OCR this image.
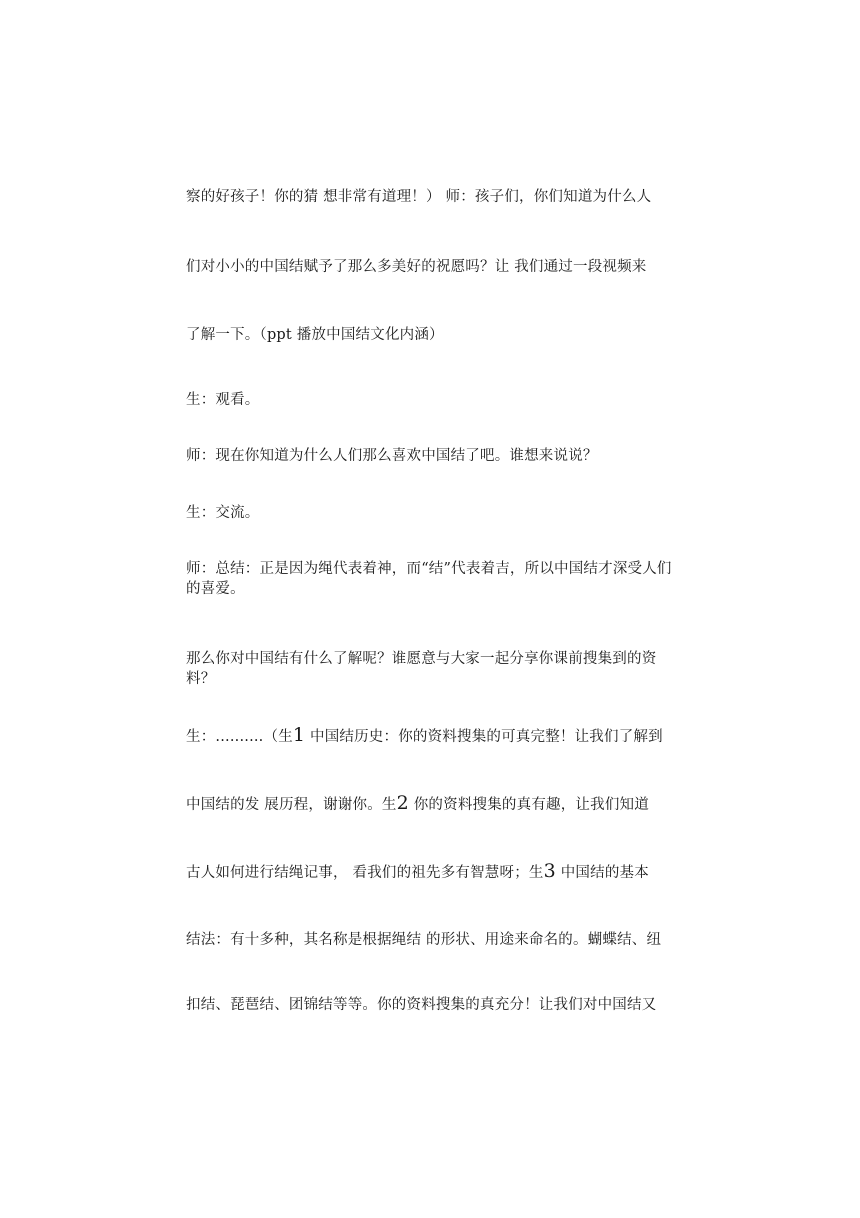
察的好孩子！你的猜 想非常有道理！） 师：孩子们，你们知道为什么人
们对小小的中国结赋予了那么多美好的祝愿吗？让 我们通过一段视频来
了解一下。（ppt 播放中国结文化内涵）
生：观看。
师：现在你知道为什么人们那么喜欢中国结了吧。谁想来说说？
生：交流。
师：总结：正是因为绳代表着神，而“结”代表着吉，所以中国结才深受人们的喜爱。
那么你对中国结有什么了解呢？谁愿意与大家一起分享你课前搜集到的资料？
生：..........（生1 中国结历史：你的资料搜集的可真完整！让我们了解到
中国结的发 展历程，谢谢你。生2 你的资料搜集的真有趣，让我们知道
古人如何进行结绳记事， 看我们的祖先多有智慧呀；生3 中国结的基本
结法：有十多种，其名称是根据绳结 的形状、用途来命名的。蝴蝶结、纽
扣结、琵琶结、团锦结等等。你的资料搜集的真充分！让我们对中国结又
